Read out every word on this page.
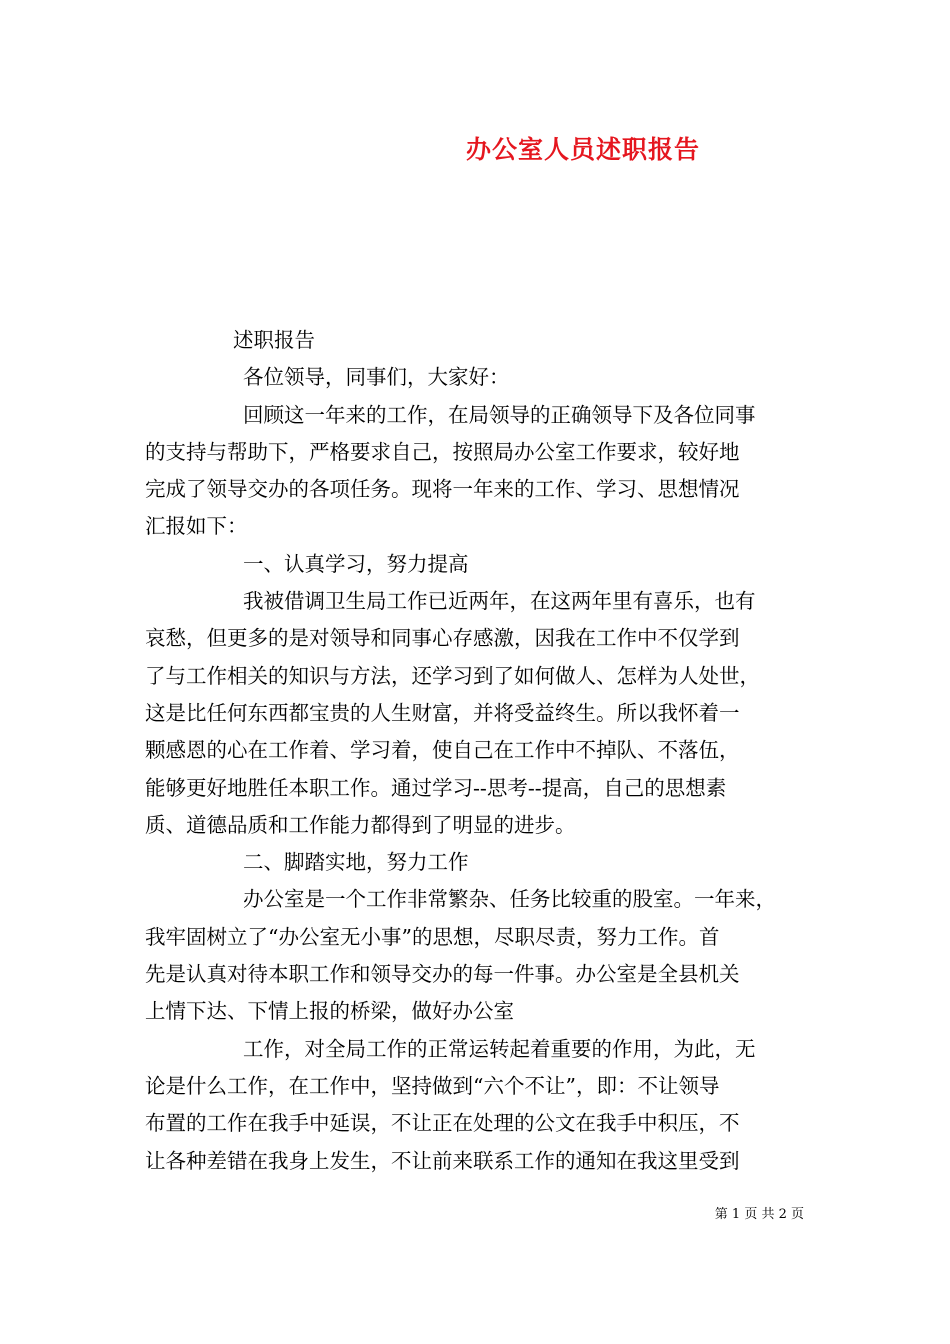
办公室人员述职报告

述职报告

各位领导，同事们，大家好：

回顾这一年来的工作，在局领导的正确领导下及各位同事
的支持与帮助下，严格要求自己，按照局办公室工作要求，较好地
完成了领导交办的各项任务。现将一年来的工作、学习、思想情况
汇报如下：

一、认真学习，努力提高

我被借调卫生局工作已近两年，在这两年里有喜乐，也有
哀愁，但更多的是对领导和同事心存感激，因我在工作中不仅学到
了与工作相关的知识与方法，还学习到了如何做人、怎样为人处世，
这是比任何东西都宝贵的人生财富，并将受益终生。所以我怀着一
颗感恩的心在工作着、学习着，使自己在工作中不掉队、不落伍，
能够更好地胜任本职工作。通过学习--思考--提高，自己的思想素
质、道德品质和工作能力都得到了明显的进步。

二、脚踏实地，努力工作

办公室是一个工作非常繁杂、任务比较重的股室。一年来，
我牢固树立了“办公室无小事”的思想，尽职尽责，努力工作。首
先是认真对待本职工作和领导交办的每一件事。办公室是全县机关
上情下达、下情上报的桥梁，做好办公室

工作，对全局工作的正常运转起着重要的作用，为此，无
论是什么工作，在工作中，坚持做到“六个不让”，即：不让领导
布置的工作在我手中延误，不让正在处理的公文在我手中积压，不
让各种差错在我身上发生，不让前来联系工作的通知在我这里受到

第 1 页 共 2 页
